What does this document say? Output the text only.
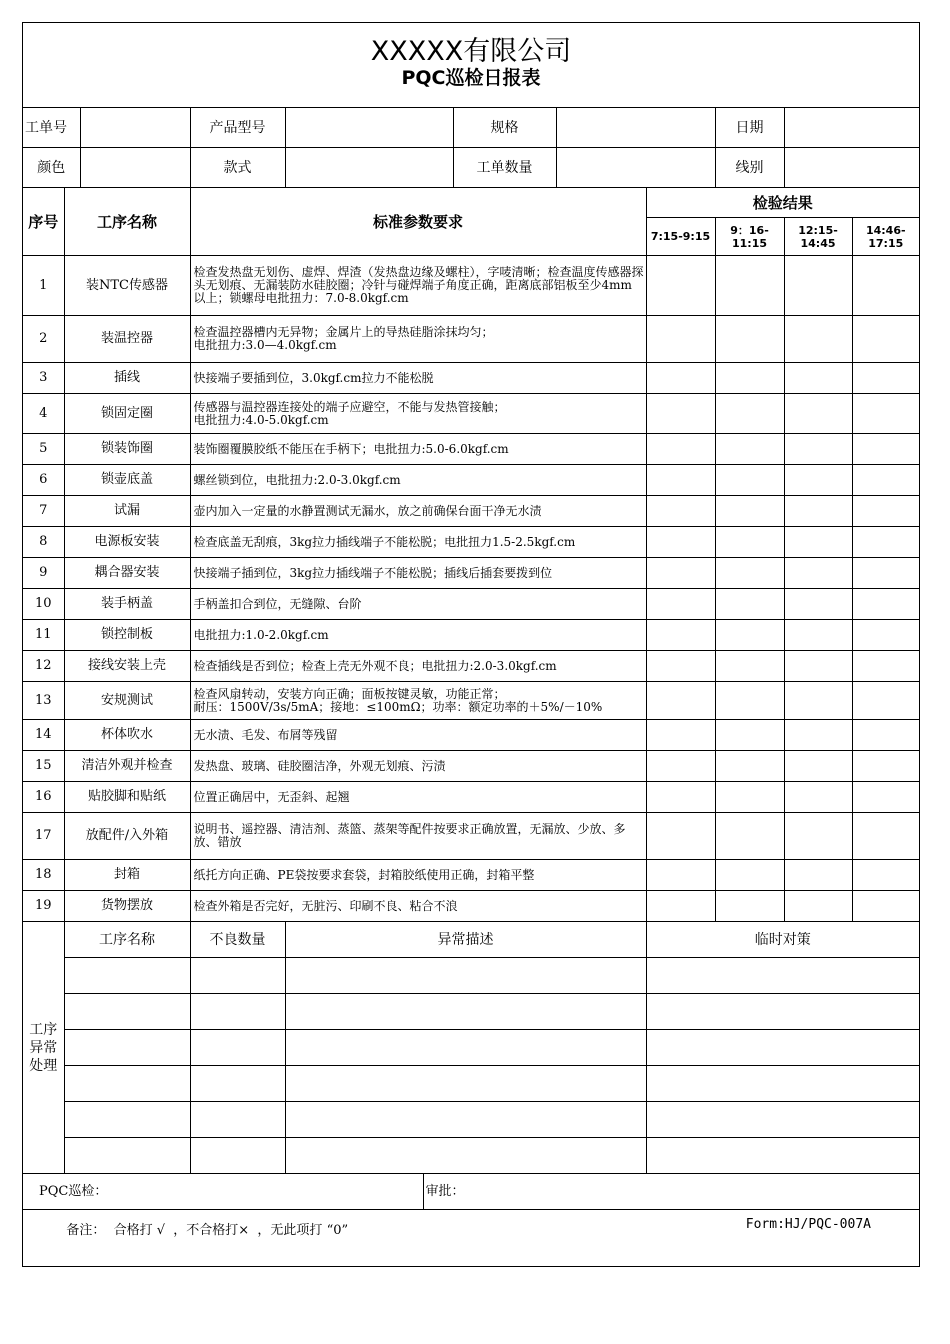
XXXXX有限公司
PQC巡检日报表
工单号			产品型号		规格			日期		
颜色			款式		工单数量			线别		
序号	工序名称		标准参数要求				检验结果			
							7:15-9:15	9：16-11:15	12:15-14:45	14:46-17:15
1	装NTC传感器		检查发热盘无划伤、虚焊、焊渣（发热盘边缘及螺柱），字唛清晰；检查温度传感器探头无划痕、无漏装防水硅胶圈；冷针与碰焊端子角度正确，距离底部铝板至少4mm以上；锁螺母电批扭力：7.0-8.0kgf.cm							
2	装温控器		检查温控器槽内无异物；金属片上的导热硅脂涂抹均匀；
电批扭力:3.0—4.0kgf.cm							
3	插线		快接端子要插到位，3.0kgf.cm拉力不能松脱							
4	锁固定圈		传感器与温控器连接处的端子应避空，不能与发热管接触；
电批扭力:4.0-5.0kgf.cm							
5	锁装饰圈		装饰圈覆膜胶纸不能压在手柄下；电批扭力:5.0-6.0kgf.cm							
6	锁壶底盖		螺丝锁到位，电批扭力:2.0-3.0kgf.cm							
7	试漏		壶内加入一定量的水静置测试无漏水，放之前确保台面干净无水渍							
8	电源板安装		检查底盖无刮痕，3kg拉力插线端子不能松脱；电批扭力1.5-2.5kgf.cm							
9	耦合器安装		快接端子插到位，3kg拉力插线端子不能松脱；插线后插套要拨到位							
10	装手柄盖		手柄盖扣合到位，无缝隙、台阶							
11	锁控制板		电批扭力:1.0-2.0kgf.cm							
12	接线安装上壳		检查插线是否到位；检查上壳无外观不良；电批扭力:2.0-3.0kgf.cm							
13	安规测试		检查风扇转动，安装方向正确；面板按键灵敏，功能正常；
耐压：1500V/3s/5mA；接地：≤100mΩ；功率：额定功率的＋5%/－10%							
14	杯体吹水		无水渍、毛发、布屑等残留							
15	清洁外观并检查		发热盘、玻璃、硅胶圈洁净，外观无划痕、污渍							
16	贴胶脚和贴纸		位置正确居中，无歪斜、起翘							
17	放配件/入外箱		说明书、遥控器、清洁剂、蒸篮、蒸架等配件按要求正确放置，无漏放、少放、多放、错放							
18	封箱		纸托方向正确、PE袋按要求套袋，封箱胶纸使用正确，封箱平整							
19	货物摆放		检查外箱是否完好，无脏污、印刷不良、粘合不浪							
工序
异常
处理	工序名称	不良数量	异常描述	临时对策

PQC巡检：	审批：

备注：  合格打 √  ，不合格打×  ，无此项打 “0”
	Form:HJ/PQC-007A
